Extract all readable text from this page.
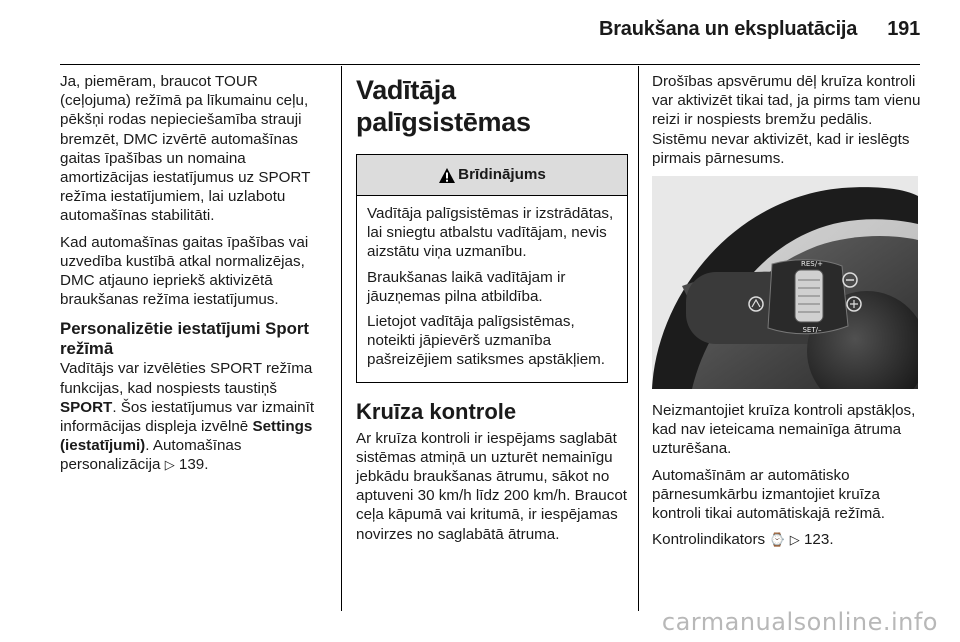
Braukšana un ekspluatācija 191

Ja, piemēram, braucot TOUR (ceļojuma) režīmā pa līkumainu ceļu, pēkšņi rodas nepieciešamība strauji bremzēt, DMC izvērtē automašīnas gaitas īpašības un nomaina amortizācijas iestatījumus uz SPORT režīma iestatījumiem, lai uzlabotu automašīnas stabilitāti.

Kad automašīnas gaitas īpašības vai uzvedība kustībā atkal normalizējas, DMC atjauno iepriekš aktivizētā braukšanas režīma iestatījumus.

Personalizētie iestatījumi Sport režīmā

Vadītājs var izvēlēties SPORT režīma funkcijas, kad nospiests taustiņš SPORT. Šos iestatījumus var izmainīt informācijas displeja izvēlnē Settings (iestatījumi). Automašīnas personalizācija ▷ 139.

Vadītāja palīgsistēmas
Brīdinājums

Vadītāja palīgsistēmas ir izstrādātas, lai sniegtu atbalstu vadītājam, nevis aizstātu viņa uzmanību.

Braukšanas laikā vadītājam ir jāuzņemas pilna atbildība.

Lietojot vadītāja palīgsistēmas, noteikti jāpievērš uzmanība pašreizējiem satiksmes apstākļiem.

Kruīza kontrole

Ar kruīza kontroli ir iespējams saglabāt sistēmas atmiņā un uzturēt nemainīgu jebkādu braukšanas ātrumu, sākot no aptuveni 30 km/h līdz 200 km/h. Braucot ceļa kāpumā vai kritumā, ir iespējamas novirzes no saglabātā ātruma.

Drošības apsvērumu dēļ kruīza kontroli var aktivizēt tikai tad, ja pirms tam vienu reizi ir nospiests bremžu pedālis. Sistēmu nevar aktivizēt, kad ir ieslēgts pirmais pārnesums.

RES/+
SET/–

Neizmantojiet kruīza kontroli apstākļos, kad nav ieteicama nemainīga ātruma uzturēšana.

Automašīnām ar automātisko pārnesumkārbu izmantojiet kruīza kontroli tikai automātiskajā režīmā.

Kontrolindikators ⌚ ▷ 123.

carmanualsonline.info
